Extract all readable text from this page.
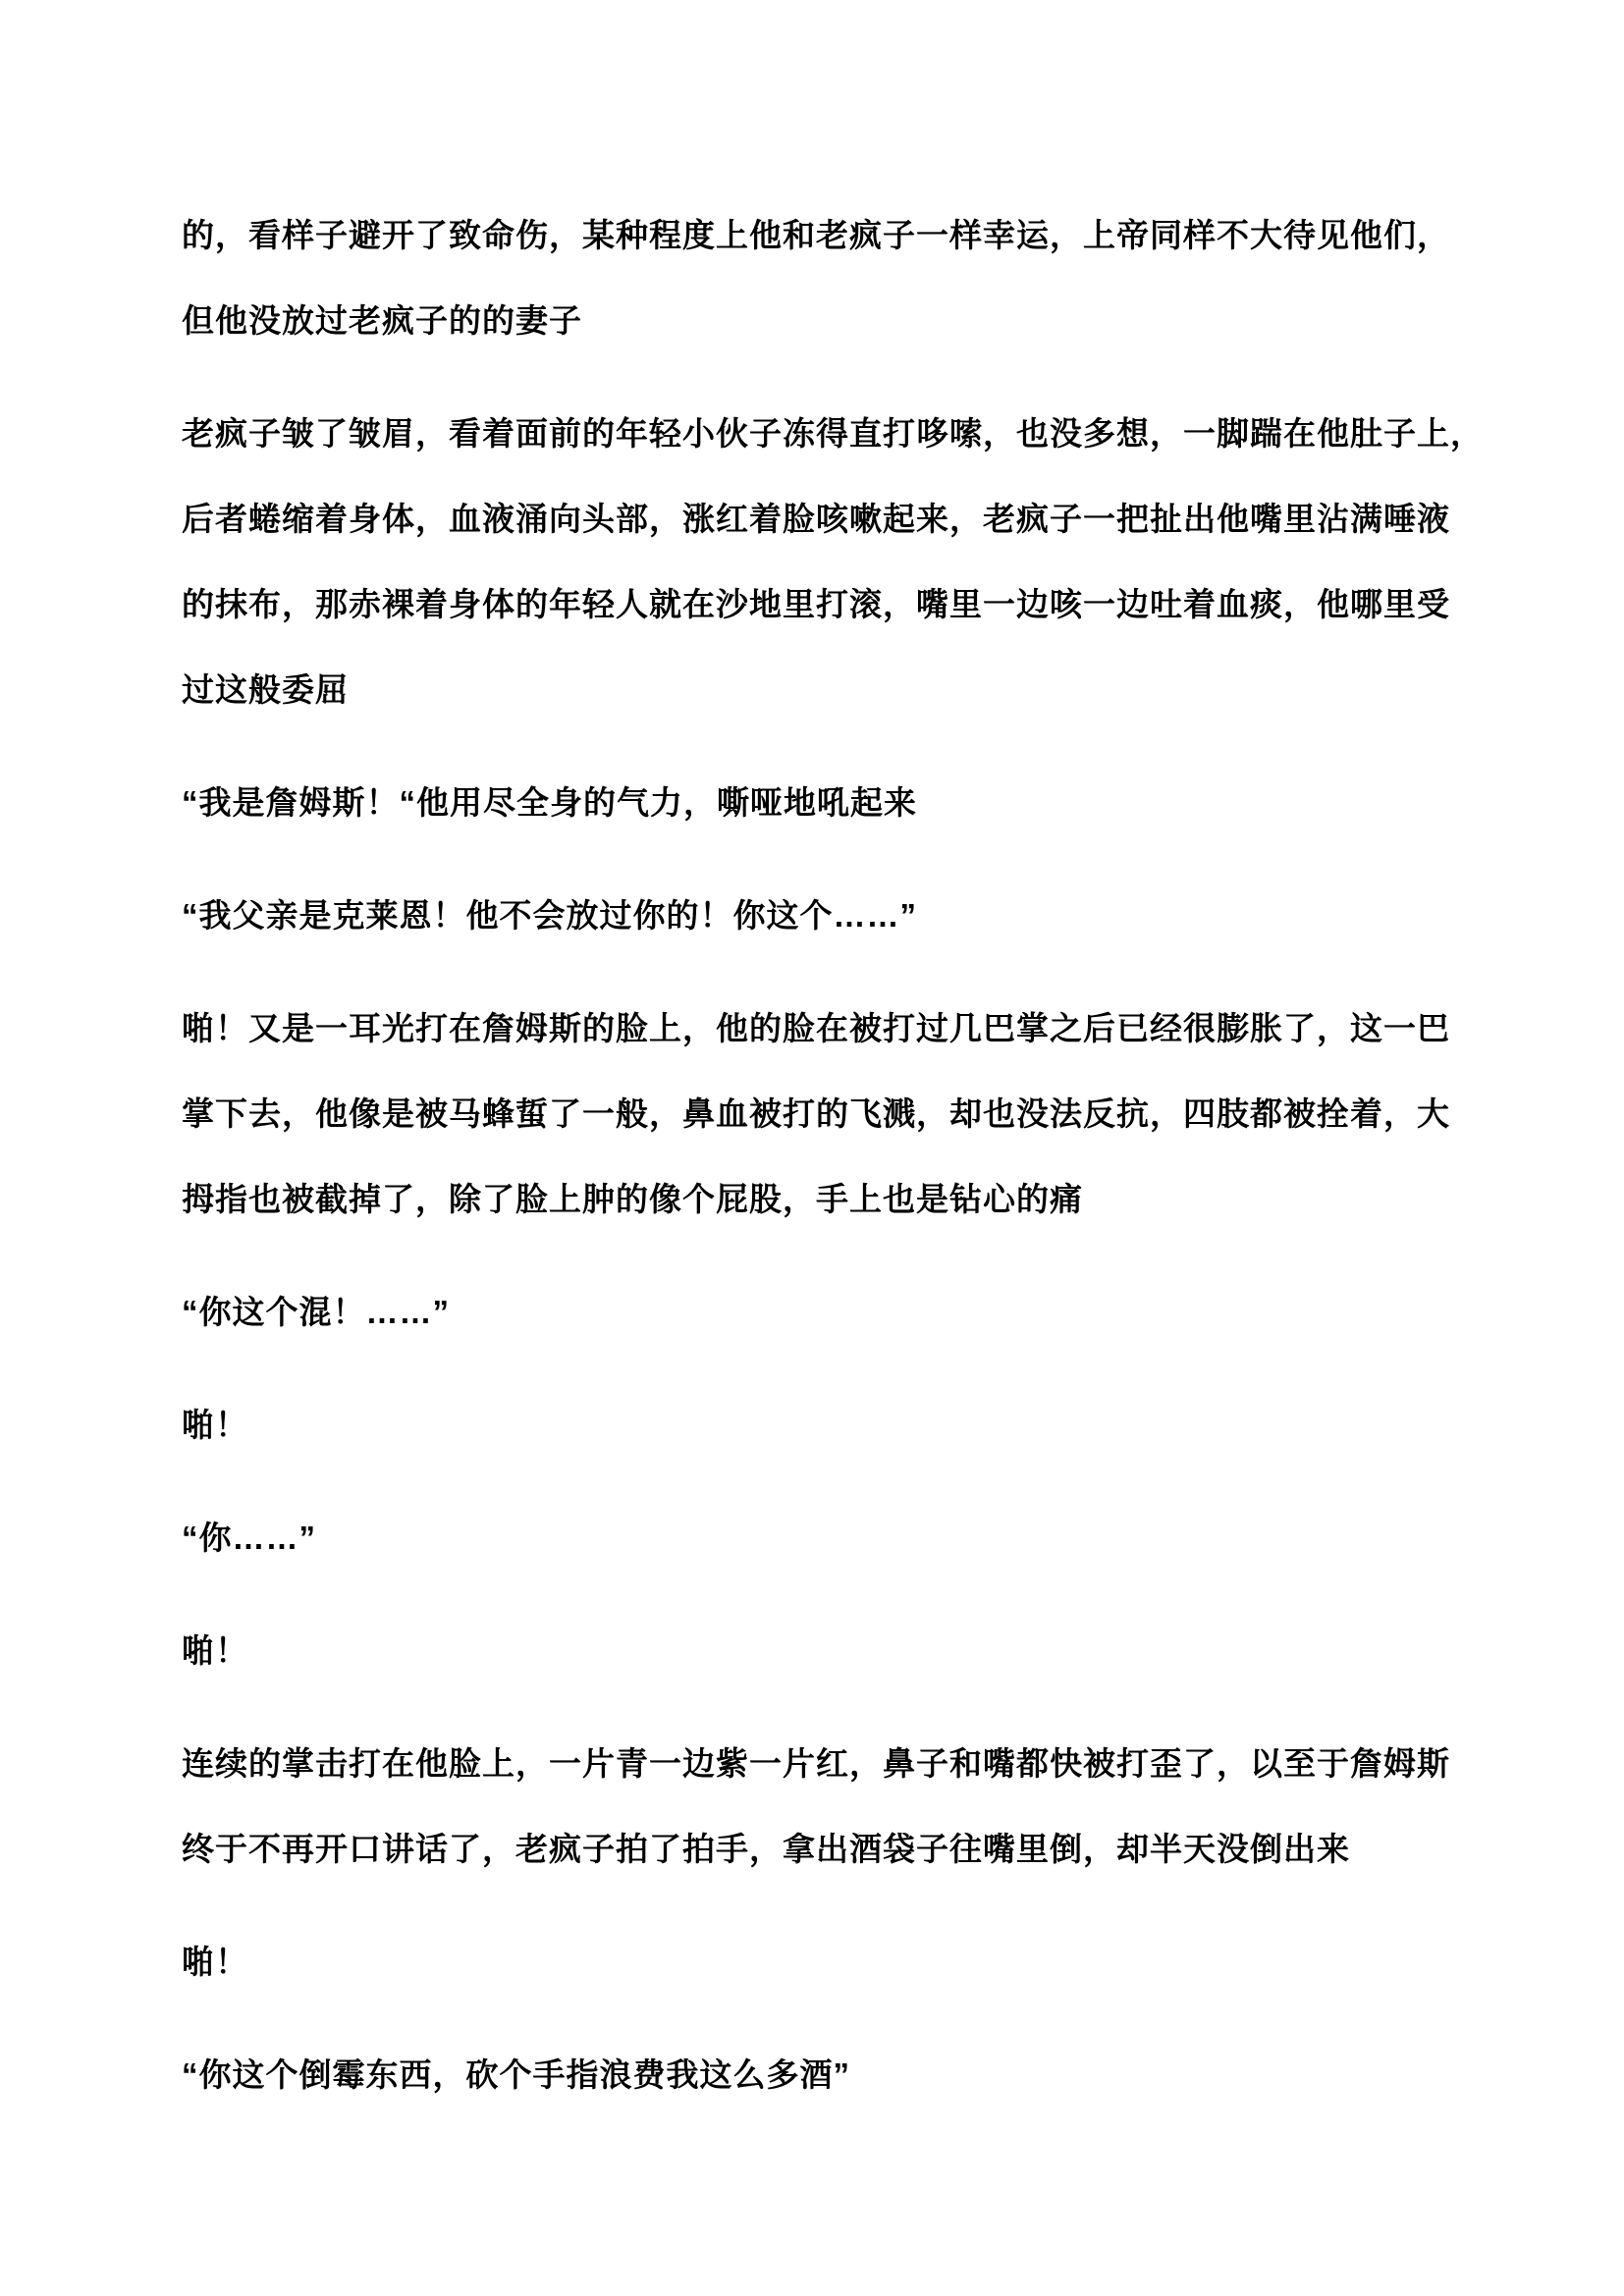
的，看样子避开了致命伤，某种程度上他和老疯子一样幸运，上帝同样不大待见他们，
但他没放过老疯子的的妻子
老疯子皱了皱眉，看着面前的年轻小伙子冻得直打哆嗦，也没多想，一脚踹在他肚子上，
后者蜷缩着身体，血液涌向头部，涨红着脸咳嗽起来，老疯子一把扯出他嘴里沾满唾液
的抹布，那赤裸着身体的年轻人就在沙地里打滚，嘴里一边咳一边吐着血痰，他哪里受
过这般委屈
“我是詹姆斯！“他用尽全身的气力，嘶哑地吼起来
“我父亲是克莱恩！他不会放过你的！你这个……”
啪！又是一耳光打在詹姆斯的脸上，他的脸在被打过几巴掌之后已经很膨胀了，这一巴
掌下去，他像是被马蜂蜇了一般，鼻血被打的飞溅，却也没法反抗，四肢都被拴着，大
拇指也被截掉了，除了脸上肿的像个屁股，手上也是钻心的痛
“你这个混！……”
啪！
“你……”
啪！
连续的掌击打在他脸上，一片青一边紫一片红，鼻子和嘴都快被打歪了，以至于詹姆斯
终于不再开口讲话了，老疯子拍了拍手，拿出酒袋子往嘴里倒，却半天没倒出来
啪！
“你这个倒霉东西，砍个手指浪费我这么多酒”
